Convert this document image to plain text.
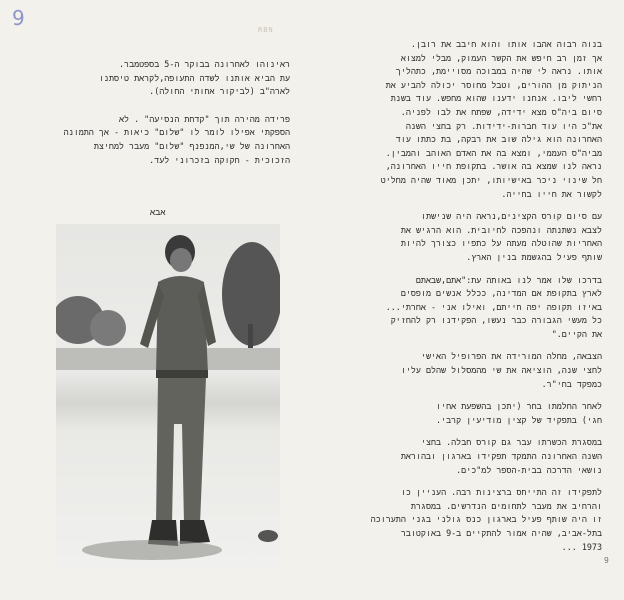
9	RBN
בנוה רבוה אהבו אותו והוא חיבב את רובן.
אך זמן רב חיפש את הקשר העמוק, מבלי למצוא
אותו. נראה לי שהיה במבוכה מסויימת, כתהליך
הניתוק מן ההורים, וטבל מחוסר יכולה להביע את
רחשי ליבו. אנחנו ידענו שהוא מחפש. עוד בשנת
סיום ביה"ס מצא ידידה, שפתח את לבו לפניה.
את"כ היו עוד חברות-ידידות. רק בחצי השנה
האחרונה הוא גילה שוב את רבקה, בת כתתו עוד
מביה"ס העממי, ומצא בה את האדם האוהב והמבין.
נראה לנו שמצא בה אושר. בתקופת חייו האחרונה,
חל שינוי ניכר באישיותו, יתכן מאוד שהיה מחליט
לקשור את חייו בחייה.
עם סיום קורס הקצינים,נראה היה שנישתו
לצבא נשתנתה ונהפכה לחיובית. הוא הרגיש את
האחריות שהוטלה מעתה על כתפיו כצורך להיות
שותף פעיל בהגשמת בנין הארץ.
בדרכו שלו אמר לנו באותה עת:"אתם,שבאתם
לארץ בתקופת אם המדינה, ככלל אנשים מופסים
באיזו תקופה יפה חייתם, ואילו אני - אחרתי...
כל מעשי הגבורה כבר נעשו, הפקידנו רק להחזיק
את הקיים."
הצבאה, מחלה המורידה את הפרופיל האישי
לחצי שנה, הוציאה את שי מהמסלול שהלם עליו
כמפקד בחי"ר.
לאחר החלמתו בחר (יתכן בהשפעת אחיו
חגי) בתפקיד של קצין מודיעין קרבי.
במסגרת הכשרתו עבר גם קורס חבלה. בחצי
השנה האחרונה התמקד תפקידו בארגון ובהוראת
נושאי הדרכה בבית-הספר למ"כים.
לתפקידו זה התייחס ברצינות רבה. העניין כו
והרחיב את מעבר לתחומים הנדרשים. במסגרת
זו היה שותף פעיל בארגון כנס גולני בגני התערוכה
בתל-אביב, שהיה אמור להתקיים ב-9 באוקטובר
1973 ...
ראינוהו לאחרונה בבוקר ה-5 בספטמבר.
עת הביא אותנו לשדה התעופה,לקראת טיסתנו
לארה"ב (לביקור אחותי החולה).
פרידה מהירה תוך "קדחת הנסיעה" . לא
הספקתי אפילו לומר לו "שלום" כיאות - אך התמונה
האחרונה של שי,המנפנף "שלום" מעבר למחיצת
הזכוכית - חקוקה בזכרוני לעד.
אבא
9
